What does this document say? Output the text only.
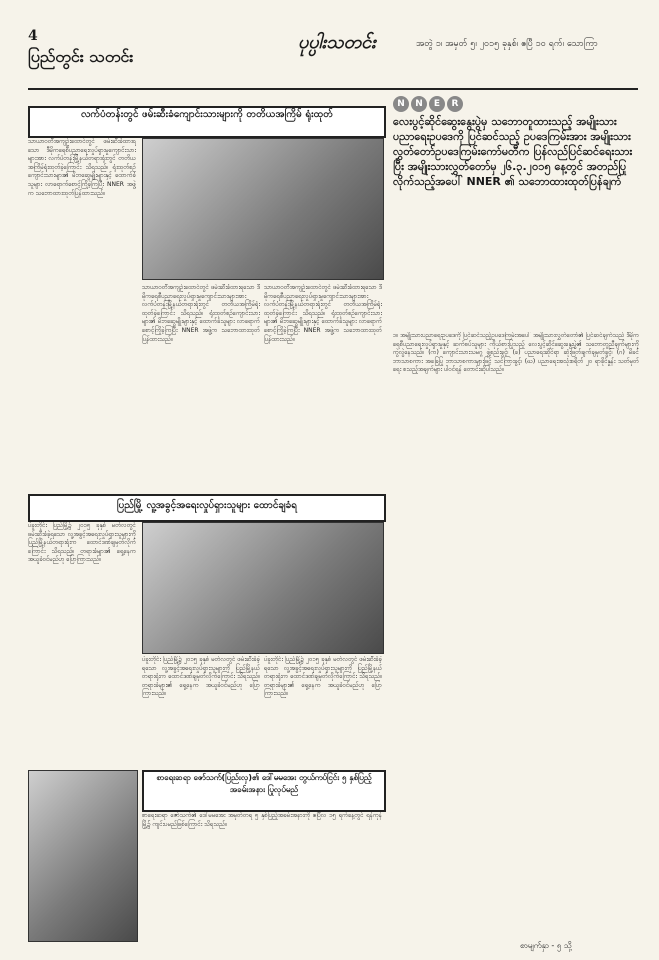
4
ပြည်တွင်း သတင်း
ပုပ္ပါးသတင်း	အတွဲ ၁၊ အမှတ် ၅၊ ၂၀၁၅ ခုနှစ်၊ ဧပြီ ၁၀ ရက်၊ သောကြာ
လက်ပံတန်းတွင် ဖမ်းဆီးခံကျောင်းသားများကို တတိယအကြိမ် ရုံးထုတ်
သာယာဝတီအကျဉ်းထောင်တွင် ဖမ်းဆီးခံထားရသော ဒီမိုကရေစီပညာရေးလှုပ်ရှားမှုကျောင်းသားများအား လက်ပံတန်းမြို့နယ်တရားရုံးတွင် တတိယအကြိမ်ရုံးထုတ်ခဲ့ကြောင်း သိရသည်။ ရုံးထုတ်စဉ်ကျောင်းသားများ၏ မိဘဆွေမျိုးများနှင့် ထောက်ခံသူများ လာရောက်စောင့်ကြိုခဲ့ကြပြီး NNER အဖွဲ့က သဘောထားထုတ်ပြန်ထားသည်။
သာယာဝတီအကျဉ်းထောင်တွင် ဖမ်းဆီးခံထားရသော ဒီမိုကရေစီပညာရေးလှုပ်ရှားမှုကျောင်းသားများအား လက်ပံတန်းမြို့နယ်တရားရုံးတွင် တတိယအကြိမ်ရုံးထုတ်ခဲ့ကြောင်း သိရသည်။ ရုံးထုတ်စဉ်ကျောင်းသားများ၏ မိဘဆွေမျိုးများနှင့် ထောက်ခံသူများ လာရောက်စောင့်ကြိုခဲ့ကြပြီး NNER အဖွဲ့က သဘောထားထုတ်ပြန်ထားသည်။
သာယာဝတီအကျဉ်းထောင်တွင် ဖမ်းဆီးခံထားရသော ဒီမိုကရေစီပညာရေးလှုပ်ရှားမှုကျောင်းသားများအား လက်ပံတန်းမြို့နယ်တရားရုံးတွင် တတိယအကြိမ်ရုံးထုတ်ခဲ့ကြောင်း သိရသည်။ ရုံးထုတ်စဉ်ကျောင်းသားများ၏ မိဘဆွေမျိုးများနှင့် ထောက်ခံသူများ လာရောက်စောင့်ကြိုခဲ့ကြပြီး NNER အဖွဲ့က သဘောထားထုတ်ပြန်ထားသည်။
ပြည်မြို့ လူ့အခွင့်အရေးလှုပ်ရှားသူများ ထောင်ချခံရ
ပဲခူးတိုင်း ပြည်မြို့၌ ၂၀၁၅ ခုနှစ် မတ်လတွင် ဖမ်းဆီးခံခဲ့ရသော လူ့အခွင့်အရေးလှုပ်ရှားသူများကို ပြည်မြို့နယ်တရားရုံးက ထောင်ဒဏ်ချမှတ်လိုက်ကြောင်း သိရသည်။ တရားခံများ၏ ရှေ့နေက အယူခံဝင်မည်ဟု ပြောကြားသည်။
ပဲခူးတိုင်း ပြည်မြို့၌ ၂၀၁၅ ခုနှစ် မတ်လတွင် ဖမ်းဆီးခံခဲ့ရသော လူ့အခွင့်အရေးလှုပ်ရှားသူများကို ပြည်မြို့နယ်တရားရုံးက ထောင်ဒဏ်ချမှတ်လိုက်ကြောင်း သိရသည်။ တရားခံများ၏ ရှေ့နေက အယူခံဝင်မည်ဟု ပြောကြားသည်။
ပဲခူးတိုင်း ပြည်မြို့၌ ၂၀၁၅ ခုနှစ် မတ်လတွင် ဖမ်းဆီးခံခဲ့ရသော လူ့အခွင့်အရေးလှုပ်ရှားသူများကို ပြည်မြို့နယ်တရားရုံးက ထောင်ဒဏ်ချမှတ်လိုက်ကြောင်း သိရသည်။ တရားခံများ၏ ရှေ့နေက အယူခံဝင်မည်ဟု ပြောကြားသည်။
စာရေးဆရာ ဇော်သက်(ပြည်းလှ)၏ ဒေါ်မမအေး တွယ်ကပ်ငြင်း ၅ နှစ်ပြည့် အခမ်းအနား ပြုလုပ်မည်
စာရေးဆရာ ဇော်သက်၏ ဒေါ်မမအေး အမှတ်တရ ၅ နှစ်ပြည့်အခမ်းအနားကို ဧပြီလ ၁၅ ရက်နေ့တွင် ရန်ကုန်မြို့၌ ကျင်းပမည်ဖြစ်ကြောင်း သိရသည်။
N	N	E	R
လေးပွင့်ဆိုင်ဆွေးနွေးပွဲမှ သဘောတူထားသည့် အမျိုးသားပညာရေးဥပဒေကို ပြင်ဆင်သည့် ဥပဒေကြမ်းအား အမျိုးသားလွှတ်တော်ဥပဒေကြမ်းကော်မတီက ပြန်လည်ပြင်ဆင်ရေးသားပြီး အမျိုးသားလွှတ်တော်မှ ၂၆.၃.၂၀၁၅ နေ့တွင် အတည်ပြုလိုက်သည့်အပေါ် NNER ၏ သဘောထားထုတ်ပြန်ချက်
၁။ အမျိုးသားပညာရေးဥပဒေကို ပြင်ဆင်သည့်ဥပဒေကြမ်းအပေါ် အမျိုးသားလွှတ်တော်၏ ပြင်ဆင်ချက်သည် ဒီမိုကရေစီပညာရေးလှုပ်ရှားမှုနှင့် ဆက်စပ်သူများ ကိုယ်စားပြုသည့် လေးပွင့်ဆိုင်ဆွေးနွေးပွဲ၏ သဘောတူညီချက်များကို ကွဲလွဲနေသည်။ (က) ကျောင်းသားသမဂ္ဂ ဖွဲ့စည်းခွင့်၊ (ခ) ပညာရေးဆိုင်ရာ ဆုံးဖြတ်ချက်ချမှတ်ခွင့်၊ (ဂ) မိခင်ဘာသာစကား အခြေပြု ဘာသာစကားများဖြင့် သင်ကြားခွင့်၊ (ဃ) ပညာရေးအသုံးစရိတ် ၂၀ ရာခိုင်နှုန်း သတ်မှတ်ရေး စသည့်အချက်များ ပါဝင်ရန် တောင်းဆိုပါသည်။
စာမျက်နှာ - ၅ သို့
